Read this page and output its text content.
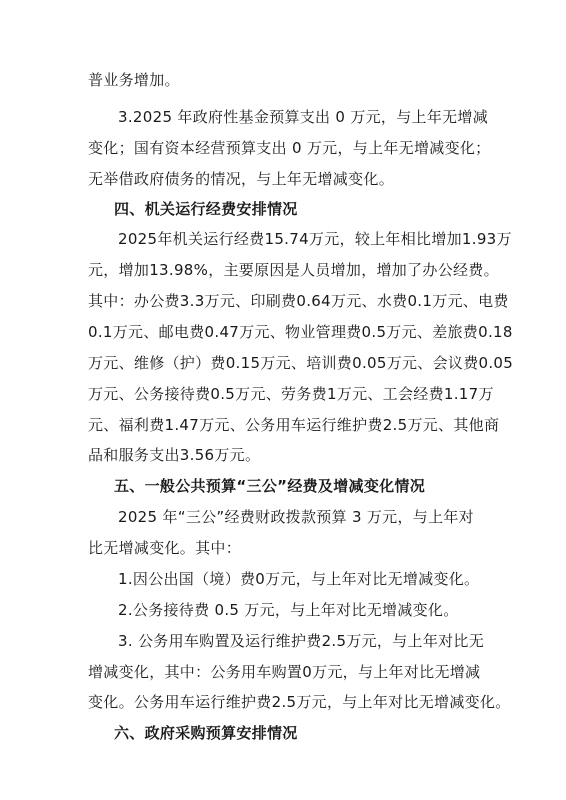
普业务增加。
3.2025 年政府性基金预算支出 0 万元，与上年无增减
变化；国有资本经营预算支出 0 万元，与上年无增减变化；
无举借政府债务的情况，与上年无增减变化。
四、机关运行经费安排情况
2025年机关运行经费15.74万元，较上年相比增加1.93万
元，增加13.98%，主要原因是人员增加，增加了办公经费。
其中：办公费3.3万元、印刷费0.64万元、水费0.1万元、电费
0.1万元、邮电费0.47万元、物业管理费0.5万元、差旅费0.18
万元、维修（护）费0.15万元、培训费0.05万元、会议费0.05
万元、公务接待费0.5万元、劳务费1万元、工会经费1.17万
元、福利费1.47万元、公务用车运行维护费2.5万元、其他商
品和服务支出3.56万元。
五、一般公共预算“三公”经费及增减变化情况
2025 年“三公”经费财政拨款预算 3 万元，与上年对
比无增减变化。其中：
1.因公出国（境）费0万元，与上年对比无增减变化。
2.公务接待费 0.5 万元，与上年对比无增减变化。
3. 公务用车购置及运行维护费2.5万元，与上年对比无
增减变化，其中：公务用车购置0万元，与上年对比无增减
变化。公务用车运行维护费2.5万元，与上年对比无增减变化。
六、政府采购预算安排情况
